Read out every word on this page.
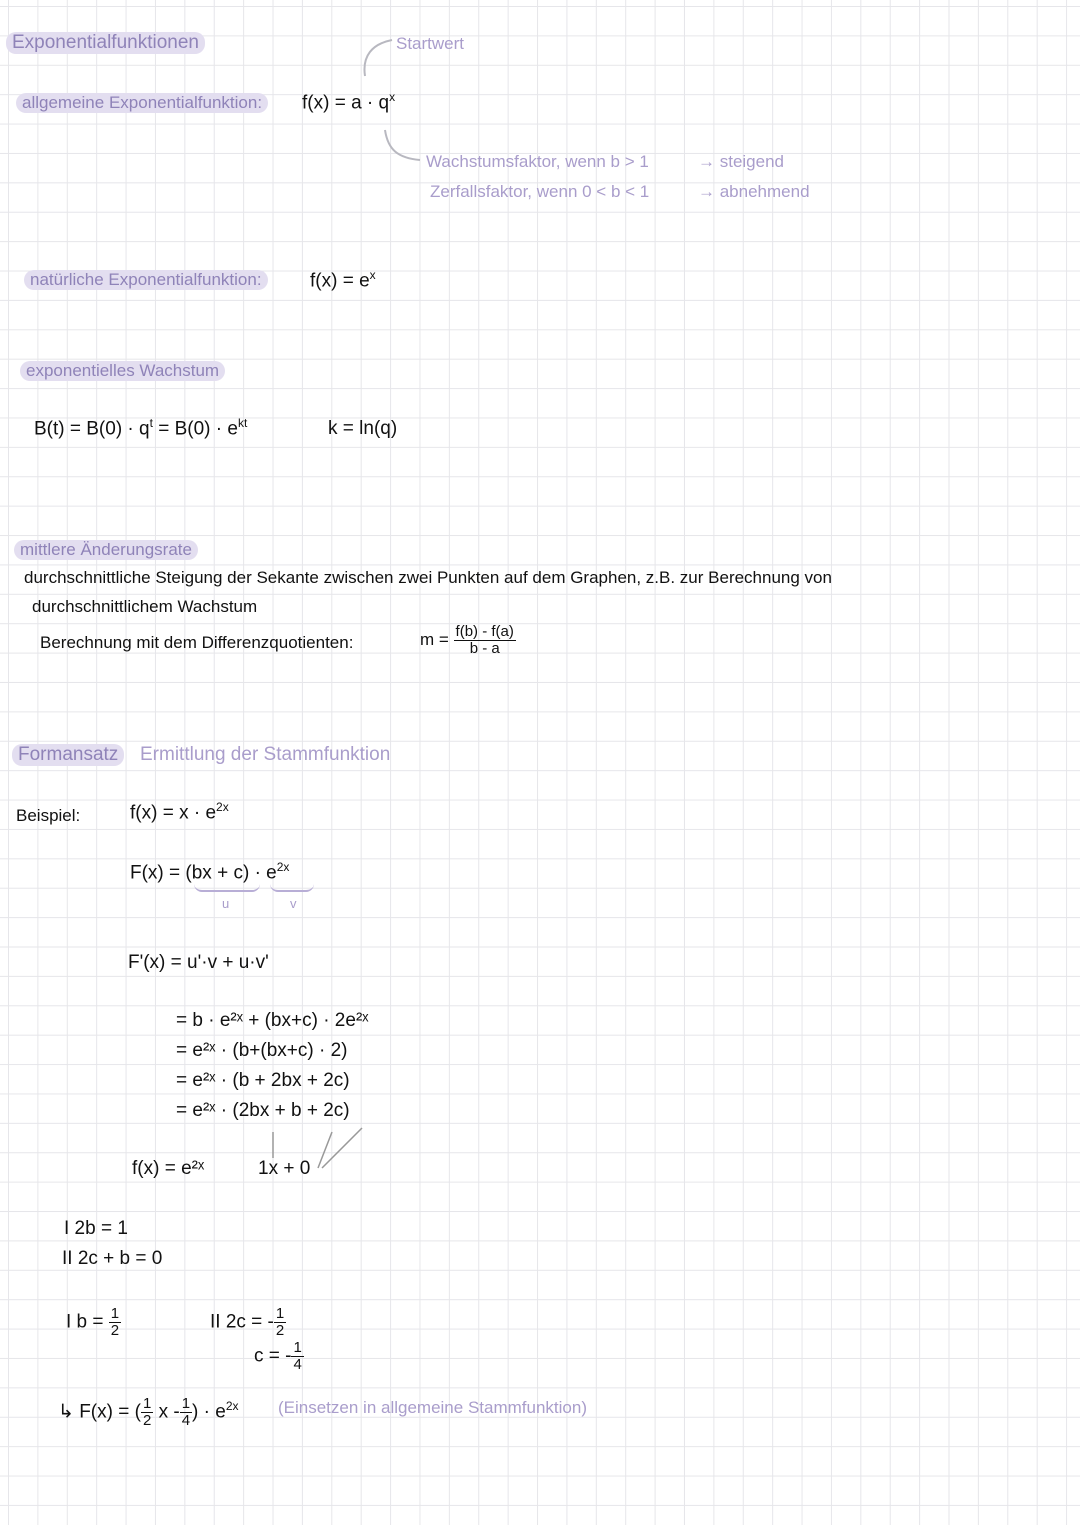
Exponentialfunktionen	Startwert
allgemeine Exponentialfunktion:	$f(x) = a \cdot q^x$
Wachstumsfaktor, wenn b > 1	→ steigend
Zerfallsfaktor, wenn 0 < b < 1	→ abnehmend
natürliche Exponentialfunktion:	$f(x) = e^x$
exponentielles Wachstum
$B(t) = B(0) \cdot q^t = B(0) \cdot e^{kt}$	k = ln(q)
mittlere Änderungsrate
durchschnittliche Steigung der Sekante zwischen zwei Punkten auf dem Graphen, z.B. zur Berechnung von
durchschnittlichem Wachstum
Berechnung mit dem Differenzquotienten:	$m = \frac{f(b) - f(a)}{b - a}$
Formansatz	Ermittlung der Stammfunktion
Beispiel:	$f(x) = x \cdot e^{2x}$
$F(x) = (bx + c) \cdot e^{2x}$
u	v
F'(x) = u'·v + u·v'
= b · e²ˣ + (bx+c) · 2e²ˣ
= e²ˣ · (b+(bx+c) · 2)
= e²ˣ · (b + 2bx + 2c)
= e²ˣ · (2bx + b + 2c)
f(x) = e²ˣ	1x + 0
I 2b = 1
II 2c + b = 0
I $b = \frac{1}{2}$	II 2c = - $\frac{1}{2}$
c = - $\frac{1}{4}$
↳ F(x) = ( $\frac{1}{2}$ x - $\frac{1}{4}$ ) · $e^{2x}$ (Einsetzen in allgemeine Stammfunktion)
